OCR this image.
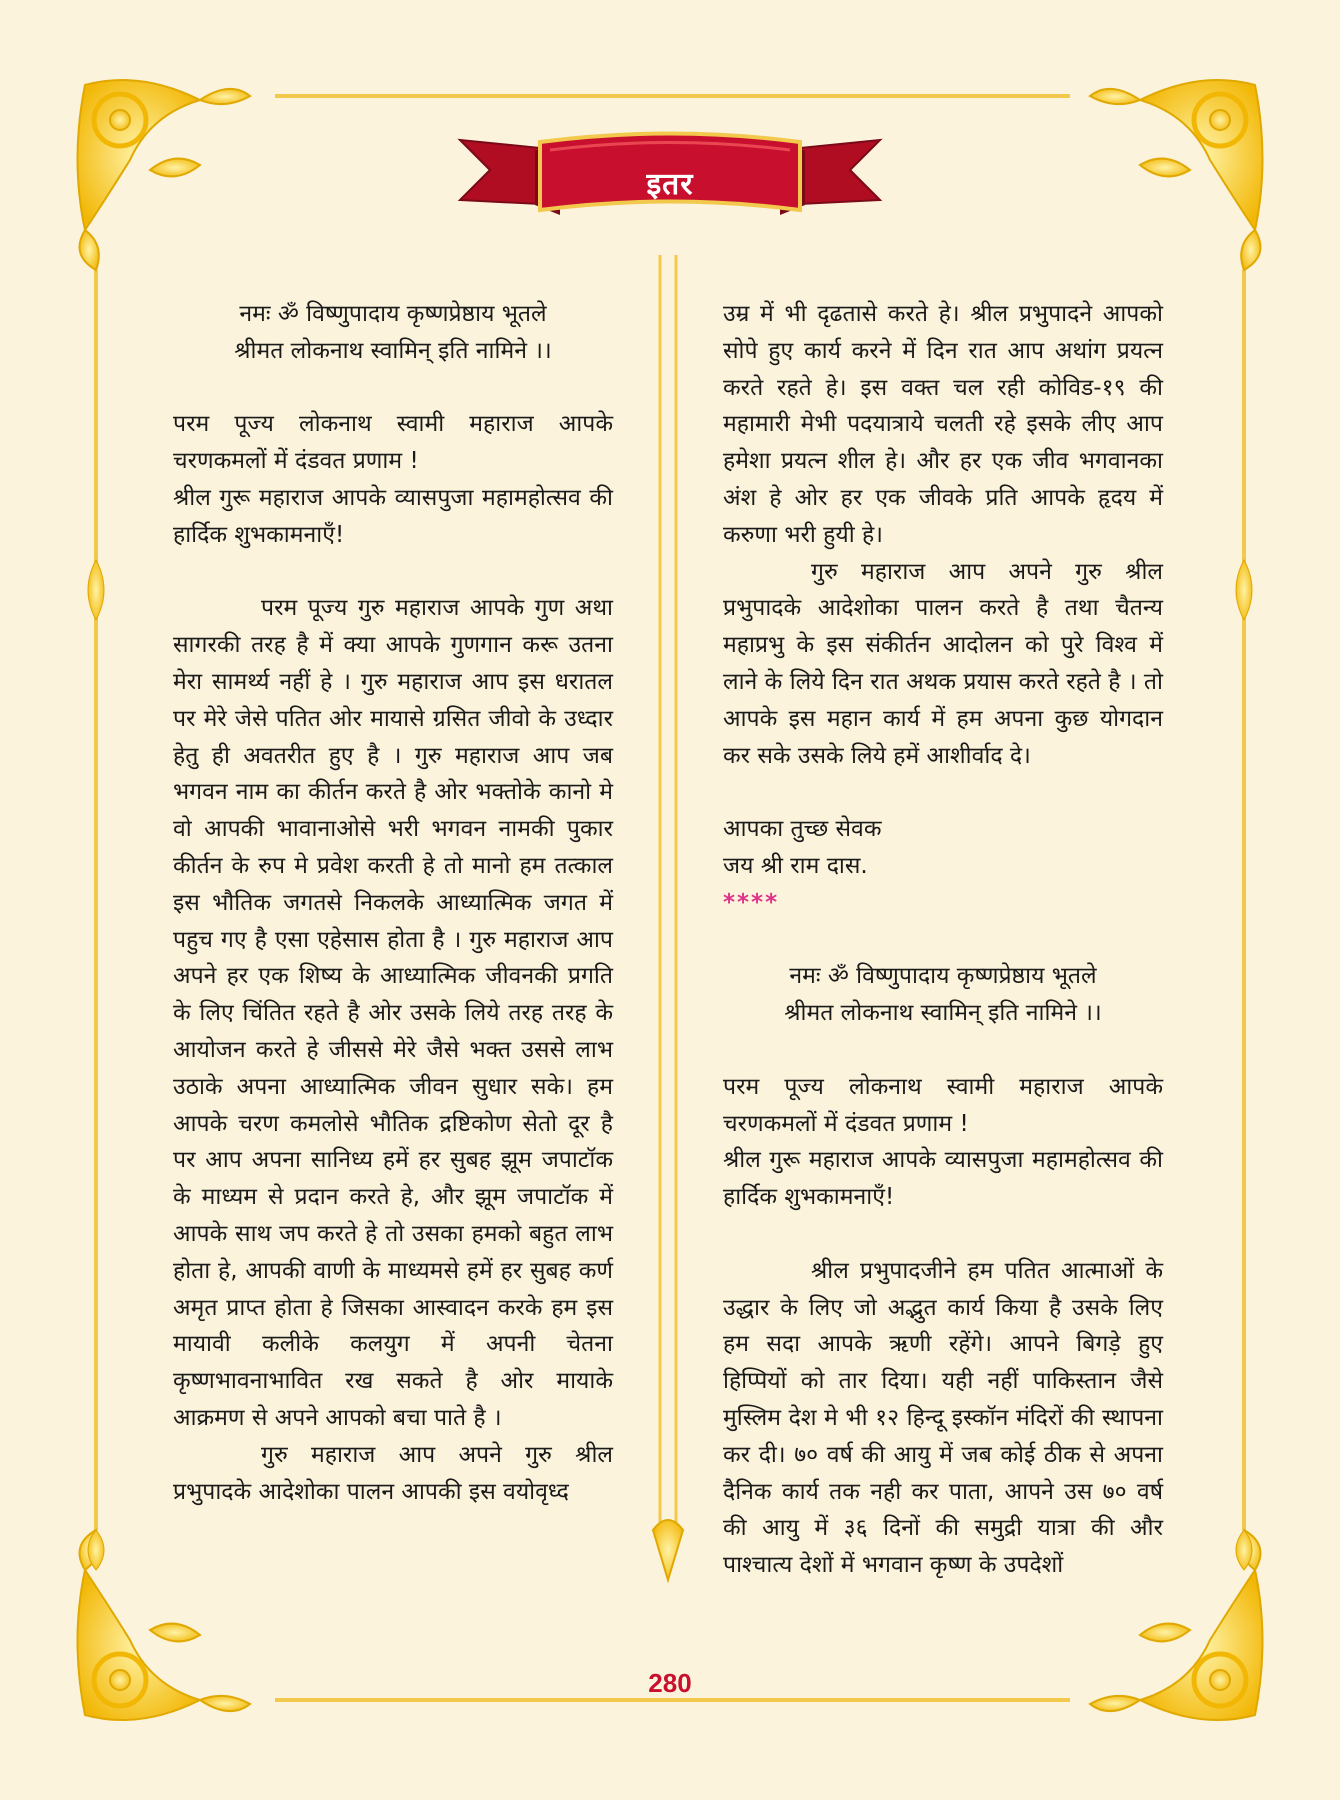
इतर

नमः ॐ विष्णुपादाय कृष्णप्रेष्ठाय भूतले

श्रीमत लोकनाथ स्वामिन् इति नामिने ।।

परम पूज्य लोकनाथ स्वामी महाराज आपके चरणकमलों में दंडवत प्रणाम !

श्रील गुरू महाराज आपके व्यासपुजा महामहोत्सव की हार्दिक शुभकामनाएँ!

परम पूज्य गुरु महाराज आपके गुण अथा सागरकी तरह है में क्या आपके गुणगान करू उतना मेरा सामर्थ्य नहीं हे । गुरु महाराज आप इस धरातल पर मेरे जेसे पतित ओर मायासे ग्रसित जीवो के उध्दार हेतु ही अवतरीत हुए है । गुरु महाराज आप जब भगवन नाम का कीर्तन करते है ओर भक्तोके कानो मे वो आपकी भावानाओसे भरी भगवन नामकी पुकार कीर्तन के रुप मे प्रवेश करती हे तो मानो हम तत्काल इस भौतिक जगतसे निकलके आध्यात्मिक जगत में पहुच गए है एसा एहेसास होता है । गुरु महाराज आप अपने हर एक शिष्य के आध्यात्मिक जीवनकी प्रगति के लिए चिंतित रहते है ओर उसके लिये तरह तरह के आयोजन करते हे जीससे मेरे जैसे भक्त उससे लाभ उठाके अपना आध्यात्मिक जीवन सुधार सके। हम आपके चरण कमलोसे भौतिक द्रष्टिकोण सेतो दूर है पर आप अपना सानिध्य हमें हर सुबह झूम जपाटॉक के माध्यम से प्रदान करते हे, और झूम जपाटॉक में आपके साथ जप करते हे तो उसका हमको बहुत लाभ होता हे, आपकी वाणी के माध्यमसे हमें हर सुबह कर्ण अमृत प्राप्त होता हे जिसका आस्वादन करके हम इस मायावी कलीके कलयुग में अपनी चेतना कृष्णभावनाभावित रख सकते है ओर मायाके आक्रमण से अपने आपको बचा पाते है ।

गुरु महाराज आप अपने गुरु श्रील प्रभुपादके आदेशोका पालन आपकी इस वयोवृध्द

उम्र में भी दृढतासे करते हे। श्रील प्रभुपादने आपको सोपे हुए कार्य करने में दिन रात आप अथांग प्रयत्न करते रहते हे। इस वक्त चल रही कोविड-१९ की महामारी मेभी पदयात्राये चलती रहे इसके लीए आप हमेशा प्रयत्न शील हे। और हर एक जीव भगवानका अंश हे ओर हर एक जीवके प्रति आपके हृदय में करुणा भरी हुयी हे।

गुरु महाराज आप अपने गुरु श्रील प्रभुपादके आदेशोका पालन करते है तथा चैतन्य महाप्रभु के इस संकीर्तन आदोलन को पुरे विश्व में लाने के लिये दिन रात अथक प्रयास करते रहते है । तो आपके इस महान कार्य में हम अपना कुछ योगदान कर सके उसके लिये हमें आशीर्वाद दे।

आपका तुच्छ सेवक

जय श्री राम दास.

****

नमः ॐ विष्णुपादाय कृष्णप्रेष्ठाय भूतले

श्रीमत लोकनाथ स्वामिन् इति नामिने ।।

परम पूज्य लोकनाथ स्वामी महाराज आपके चरणकमलों में दंडवत प्रणाम !

श्रील गुरू महाराज आपके व्यासपुजा महामहोत्सव की हार्दिक शुभकामनाएँ!

श्रील प्रभुपादजीने हम पतित आत्माओं के उद्धार के लिए जो अद्भुत कार्य किया है उसके लिए हम सदा आपके ऋणी रहेंगे। आपने बिगड़े हुए हिप्पियों को तार दिया। यही नहीं पाकिस्तान जैसे मुस्लिम देश मे भी १२ हिन्दू इस्कॉन मंदिरों की स्थापना कर दी। ७० वर्ष की आयु में जब कोई ठीक से अपना दैनिक कार्य तक नही कर पाता, आपने उस ७० वर्ष की आयु में ३६ दिनों की समुद्री यात्रा की और पाश्चात्य देशों में भगवान कृष्ण के उपदेशों

280
